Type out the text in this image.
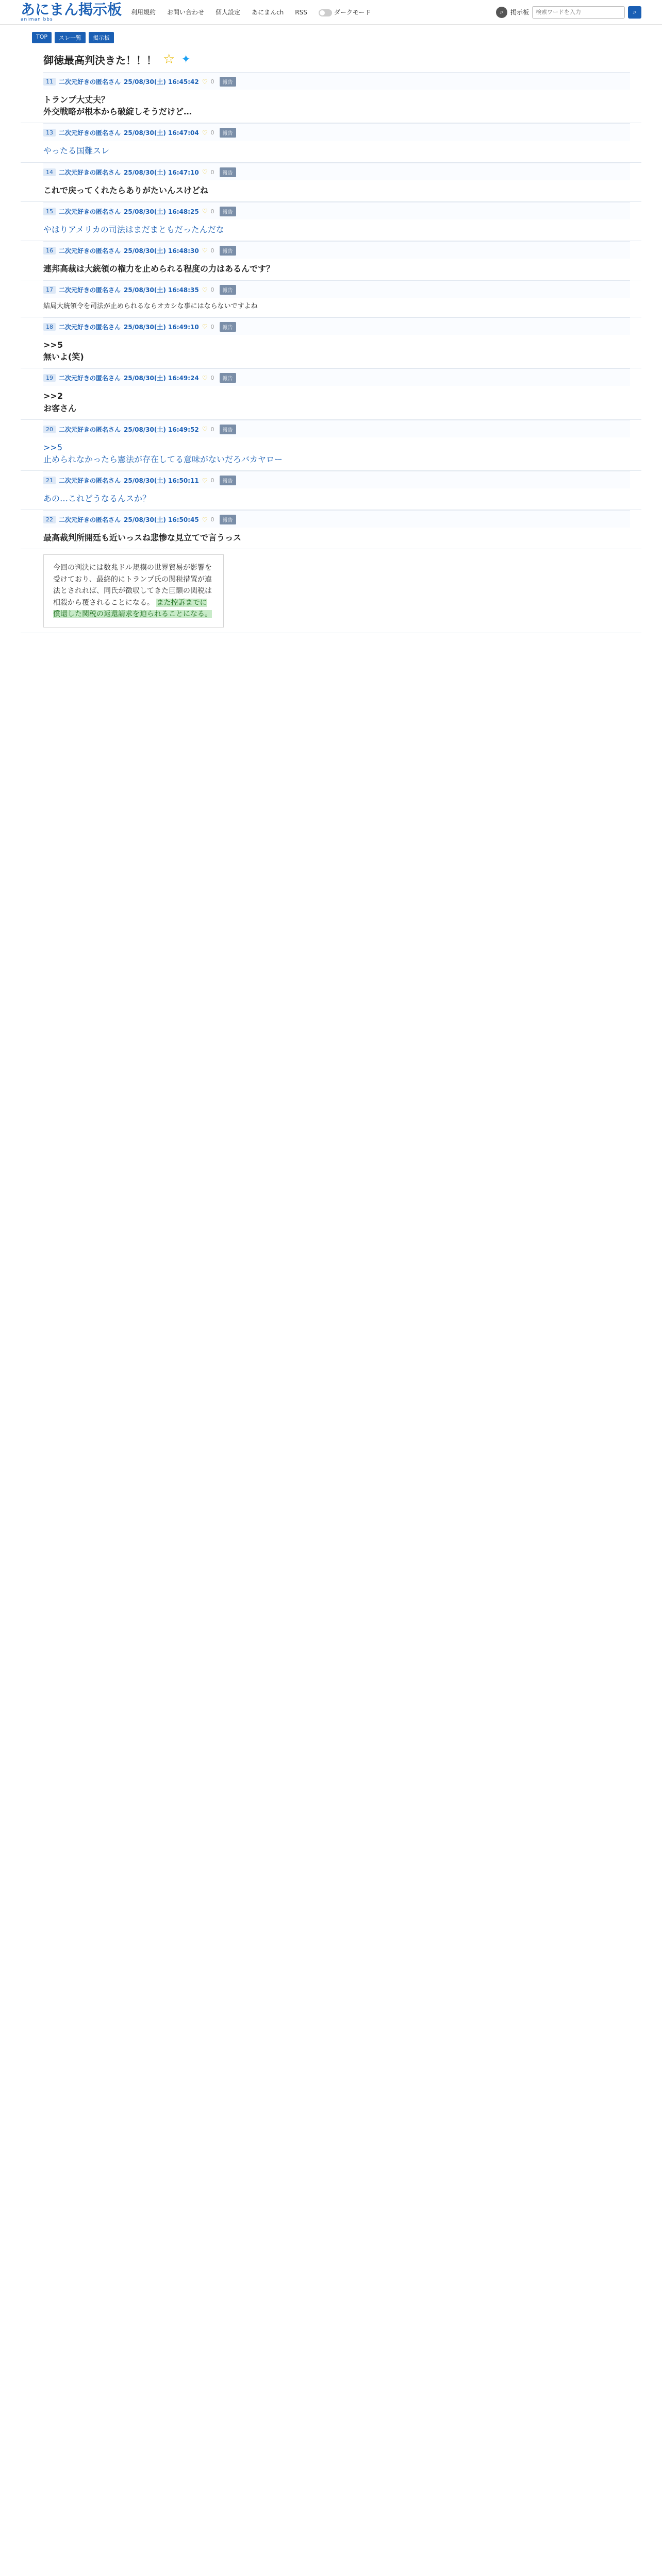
あにまん掲示板
animan bbs
利用規約 お問い合わせ 個人設定 あにまんch RSS	ダークモード	⌕	掲示板
検索ワードを入力	⌕
TOP	スレ一覧	掲示板
御徳最高判決きた！！！ ☆ ✦
11 二次元好きの匿名さん 25/08/30(土) 16:45:42 ♡ 0	報告
トランプ大丈夫？
外交戦略が根本から破綻しそうだけど…
13 二次元好きの匿名さん 25/08/30(土) 16:47:04 ♡ 0	報告
やったる国難スレ
14 二次元好きの匿名さん 25/08/30(土) 16:47:10 ♡ 0	報告
これで戻ってくれたらありがたいんスけどね
15 二次元好きの匿名さん 25/08/30(土) 16:48:25 ♡ 0	報告
やはりアメリカの司法はまだまともだったんだな
16 二次元好きの匿名さん 25/08/30(土) 16:48:30 ♡ 0	報告
連邦高裁は大統領の権力を止められる程度の力はあるんです？
17 二次元好きの匿名さん 25/08/30(土) 16:48:35 ♡ 0	報告
結局大統領令を司法が止められるならオカシな事にはならないですよね
18 二次元好きの匿名さん 25/08/30(土) 16:49:10 ♡ 0	報告
>>5
無いよ(笑)
19 二次元好きの匿名さん 25/08/30(土) 16:49:24 ♡ 0	報告
>>2
お客さん
20 二次元好きの匿名さん 25/08/30(土) 16:49:52 ♡ 0	報告
>>5
止められなかったら憲法が存在してる意味がないだろバカヤロー
21 二次元好きの匿名さん 25/08/30(土) 16:50:11 ♡ 0	報告
あの…これどうなるんスか？
22 二次元好きの匿名さん 25/08/30(土) 16:50:45 ♡ 0	報告
最高裁判所開廷も近いっスね悲惨な見立てで言うっス
今回の判決には数兆ドル規模の世界貿易が影響を受けており、最終的にトランプ氏の関税措置が違法とされれば、同氏が徴収してきた巨額の関税は相殺から覆されることになる。 また控訴までに償還した関税の返還請求を迫られることになる。
